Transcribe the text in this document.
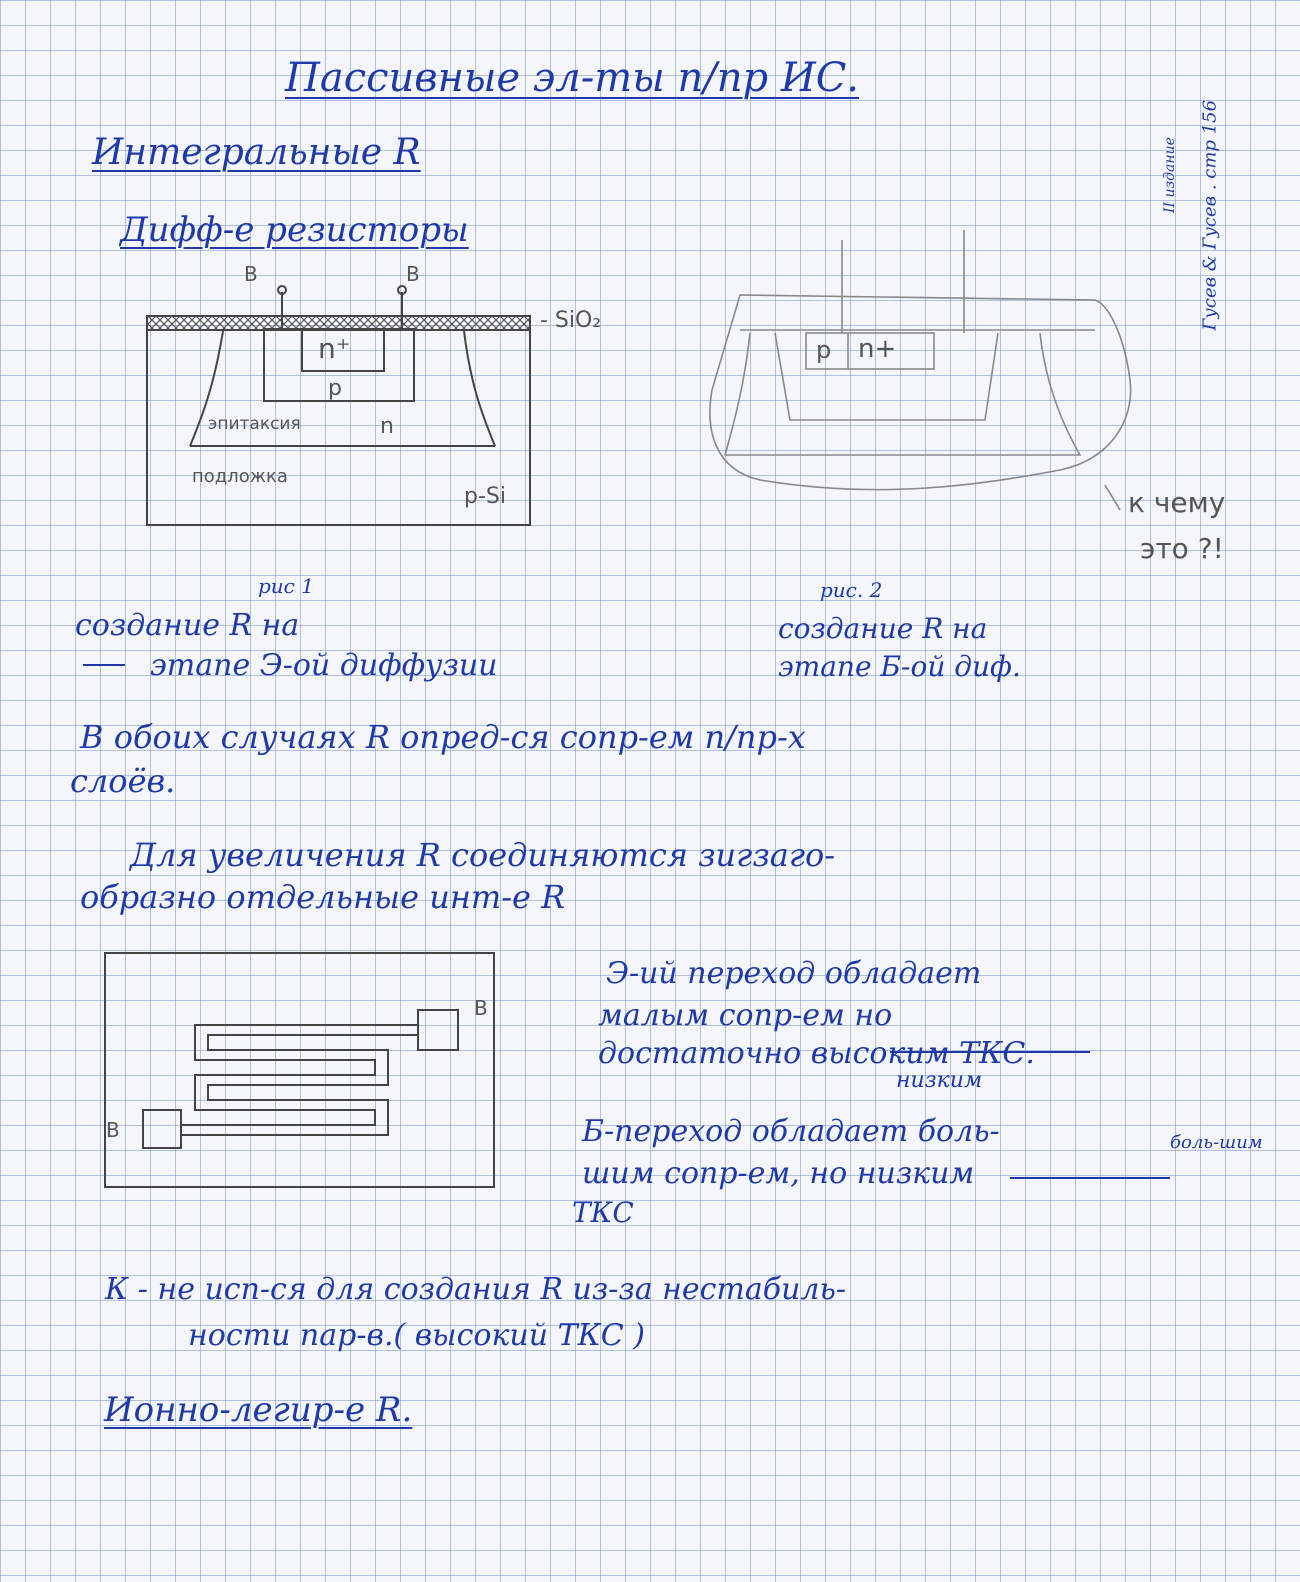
Пассивные эл-ты п/пр ИС.
Интегральные R
Дифф-е резисторы	Гусев & Гусев . стр 156
II издание
B	B
- SiO₂
n⁺
p
эпитаксия	n
подложка
p-Si
рис 1
создание R на
этапе Э-ой диффузии
p n+
к чему
это ?!
рис. 2
создание R на
этапе Б-ой диф.
В обоих случаях R опред-ся сопр-ем п/пр-х
слоёв.
Для увеличения R соединяются зигзаго-
образно отдельные инт-е R
B
B
Э-ий переход обладает
малым сопр-ем но
достаточно высоким ТКС.
низким
Б-переход обладает боль-
шим сопр-ем, но низким
ТКС
боль-шим
К - не исп-ся для создания R из-за нестабиль-
ности пар-в.( высокий ТКС )
Ионно-легир-е R.
